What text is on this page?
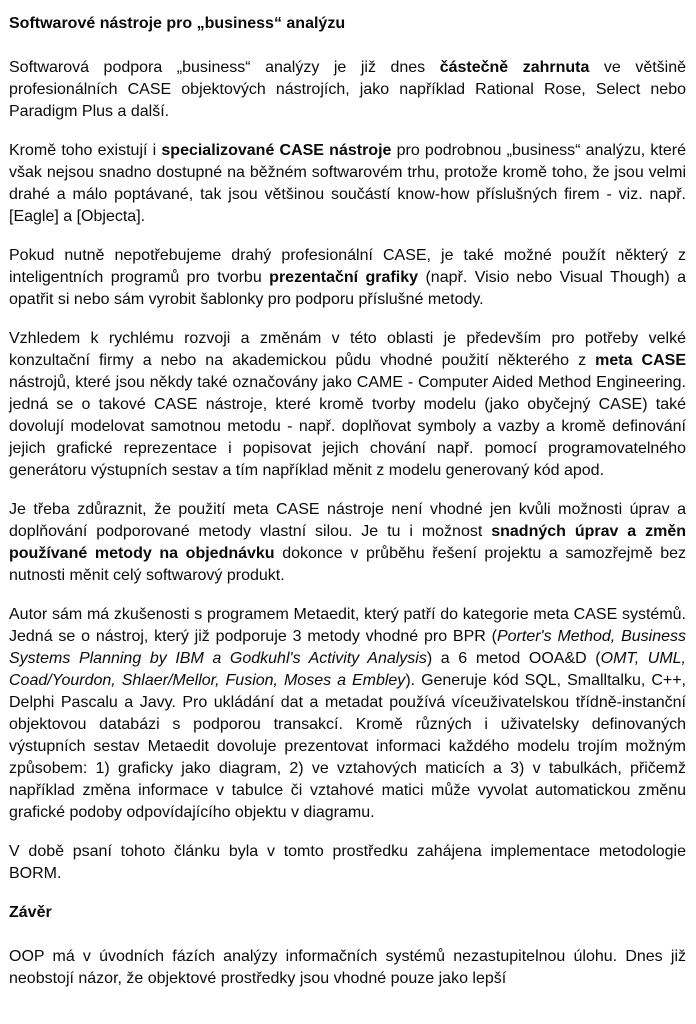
Softwarové nástroje pro „business“ analýzu

Softwarová podpora „business“ analýzy je již dnes částečně zahrnuta ve většině profesionálních CASE objektových nástrojích, jako například Rational Rose, Select nebo Paradigm Plus a další.

Kromě toho existují i specializované CASE nástroje pro podrobnou „business“ analýzu, které však nejsou snadno dostupné na běžném softwarovém trhu, protože kromě toho, že jsou velmi drahé a málo poptávané, tak jsou většinou součástí know-how příslušných firem - viz. např. [Eagle] a [Objecta].

Pokud nutně nepotřebujeme drahý profesionální CASE, je také možné použít některý z inteligentních programů pro tvorbu prezentační grafiky (např. Visio nebo Visual Though) a opatřit si nebo sám vyrobit šablonky pro podporu příslušné metody.

Vzhledem k rychlému rozvoji a změnám v této oblasti je především pro potřeby velké konzultační firmy a nebo na akademickou půdu vhodné použití některého z meta CASE nástrojů, které jsou někdy také označovány jako CAME - Computer Aided Method Engineering. jedná se o takové CASE nástroje, které kromě tvorby modelu (jako obyčejný CASE) také dovolují modelovat samotnou metodu - např. doplňovat symboly a vazby a kromě definování jejich grafické reprezentace i popisovat jejich chování např. pomocí programovatelného generátoru výstupních sestav a tím například měnit z modelu generovaný kód apod.

Je třeba zdůraznit, že použití meta CASE nástroje není vhodné jen kvůli možnosti úprav a doplňování podporované metody vlastní silou. Je tu i možnost snadných úprav a změn používané metody na objednávku dokonce v průběhu řešení projektu a samozřejmě bez nutnosti měnit celý softwarový produkt.

Autor sám má zkušenosti s programem Metaedit, který patří do kategorie meta CASE systémů. Jedná se o nástroj, který již podporuje 3 metody vhodné pro BPR (Porter's Method, Business Systems Planning by IBM a Godkuhl's Activity Analysis) a 6 metod OOA&D (OMT, UML, Coad/Yourdon, Shlaer/Mellor, Fusion, Moses a Embley). Generuje kód SQL, Smalltalku, C++, Delphi Pascalu a Javy. Pro ukládání dat a metadat používá víceuživatelskou třídně-instanční objektovou databázi s podporou transakcí. Kromě různých i uživatelsky definovaných výstupních sestav Metaedit dovoluje prezentovat informaci každého modelu trojím možným způsobem: 1) graficky jako diagram, 2) ve vztahových maticích a 3) v tabulkách, přičemž například změna informace v tabulce či vztahové matici může vyvolat automatickou změnu grafické podoby odpovídajícího objektu v diagramu.

V době psaní tohoto článku byla v tomto prostředku zahájena implementace metodologie BORM.

Závěr

OOP má v úvodních fázích analýzy informačních systémů nezastupitelnou úlohu. Dnes již neobstojí názor, že objektové prostředky jsou vhodné pouze jako lepší
